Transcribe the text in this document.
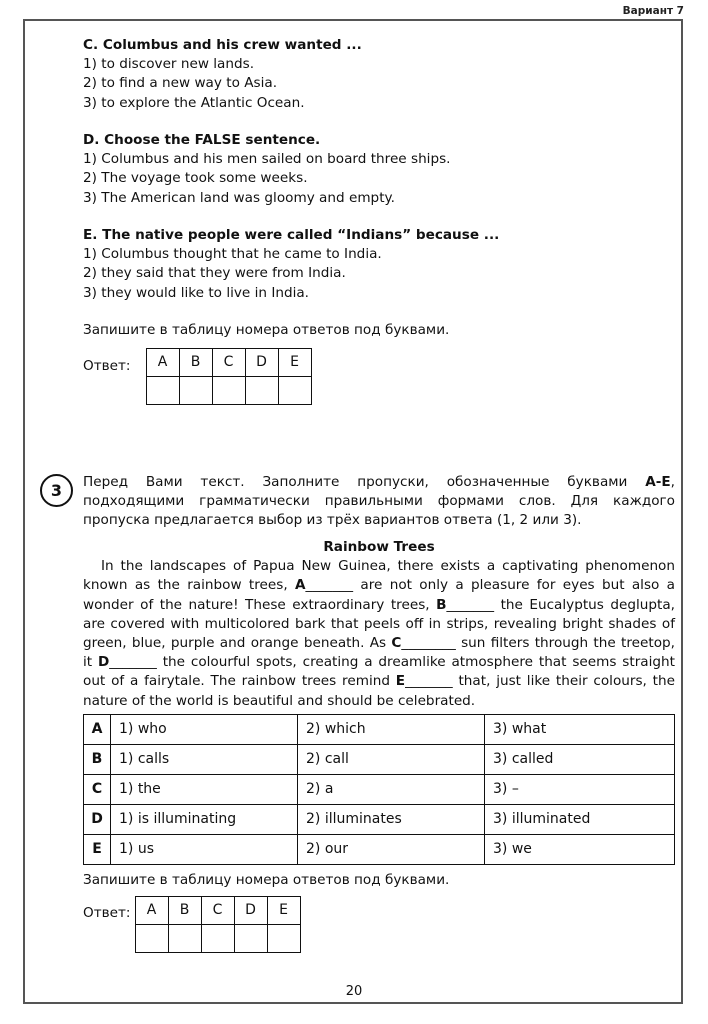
Вариант 7
C. Columbus and his crew wanted ...
1) to discover new lands.
2) to find a new way to Asia.
3) to explore the Atlantic Ocean.
D. Choose the FALSE sentence.
1) Columbus and his men sailed on board three ships.
2) The voyage took some weeks.
3) The American land was gloomy and empty.
E. The native people were called “Indians” because ...
1) Columbus thought that he came to India.
2) they said that they were from India.
3) they would like to live in India.
Запишите в таблицу номера ответов под буквами.
Ответ: A	B	C	D	E

3	Перед Вами текст. Заполните пропуски, обозначенные буквами A-E, подходящими грамматически правильными формами слов. Для каждого пропуска предлагается выбор из трёх вариантов ответа (1, 2 или 3).
Rainbow Trees
In the landscapes of Papua New Guinea, there exists a captivating phenomenon known as the rainbow trees, A_______ are not only a pleasure for eyes but also a wonder of the nature! These extraordinary trees, B_______ the Eucalyptus deglupta, are covered with multicolored bark that peels off in strips, revealing bright shades of green, blue, purple and orange beneath. As C________ sun filters through the treetop, it D_______ the colourful spots, creating a dreamlike atmosphere that seems straight out of a fairytale. The rainbow trees remind E_______ that, just like their colours, the nature of the world is beautiful and should be celebrated.
A	1) who	2) which	3) what
B	1) calls	2) call	3) called
C	1) the	2) a	3) –
D	1) is illuminating	2) illuminates	3) illuminated
E	1) us	2) our	3) we
Запишите в таблицу номера ответов под буквами.
Ответ: A	B	C	D	E

20
